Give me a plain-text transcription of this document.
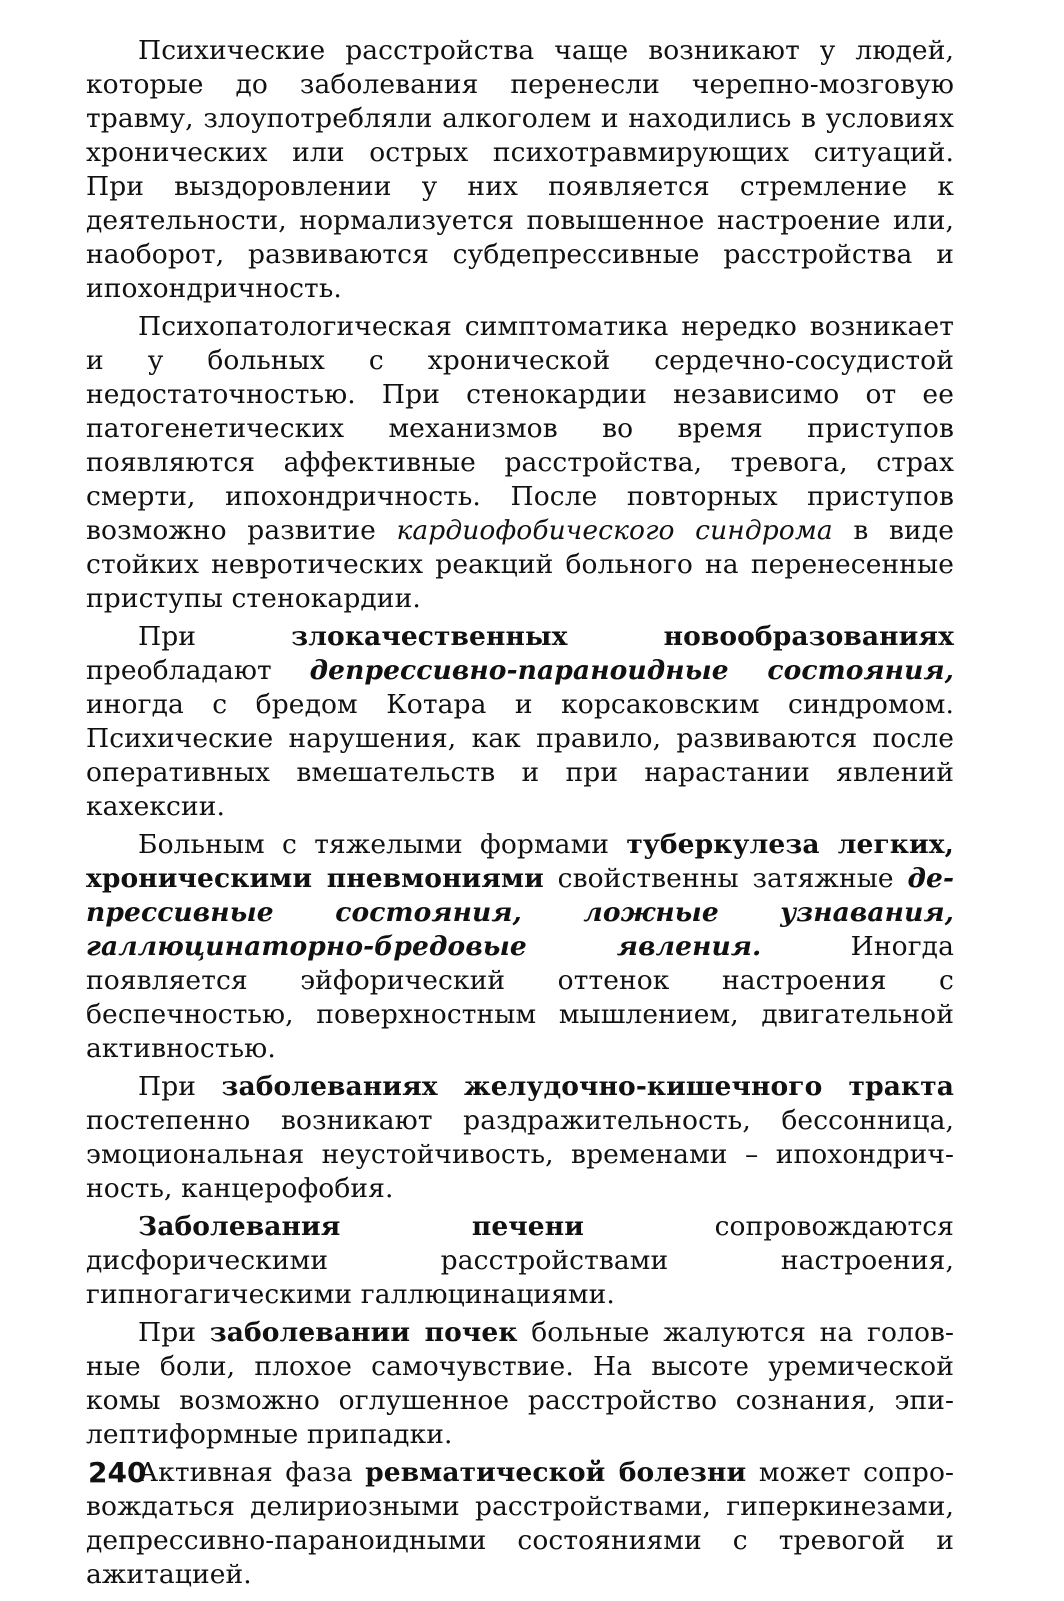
Психические расстройства чаще возникают у людей, которые до заболевания перенесли черепно-мозговую травму, злоупотребляли алкоголем и находились в условиях хронических или острых психотравмирующих ситуаций. При выздоровлении у них появляется стремление к деятельности, нормализуется повышенное настроение или, наоборот, развиваются субдепрессивные расстройства и ипохондричность.

Психопатологическая симптоматика нередко возникает и у больных с хронической сердечно-сосудистой недостаточностью. При стенокардии независимо от ее патогенетических механизмов во время приступов появляются аффективные расстройства, тревога, страх смерти, ипохондричность. После повторных приступов возможно развитие кардиофобического синдрома в виде стойких невротических реакций больного на перенесенные приступы стенокардии.

При злокачественных новообразованиях преобладают депрессивно-параноидные состояния, иногда с бредом Котара и корсаковским синдромом. Психические нарушения, как правило, развиваются после оперативных вмешательств и при нарастании явлений кахексии.

Больным с тяжелыми формами туберкулеза легких, хроническими пневмониями свойственны затяжные депрессивные состояния, ложные узнавания, галлюцинаторно-бредовые явления. Иногда появляется эйфорический оттенок настроения с беспечностью, поверхностным мышлением, двигательной активностью.

При заболеваниях желудочно-кишечного тракта постепенно возникают раздражительность, бессонница, эмоциональная неустойчивость, временами – ипохондричность, канцерофобия.

Заболевания печени сопровождаются дисфорическими расстройствами настроения, гипногагическими галлюцинациями.

При заболевании почек больные жалуются на головные боли, плохое самочувствие. На высоте уремической комы возможно оглушенное расстройство сознания, эпилептиформные припадки.

Активная фаза ревматической болезни может сопровождаться делириозными расстройствами, гиперкинезами, депрессивно-параноидными состояниями с тревогой и ажитацией.

240
